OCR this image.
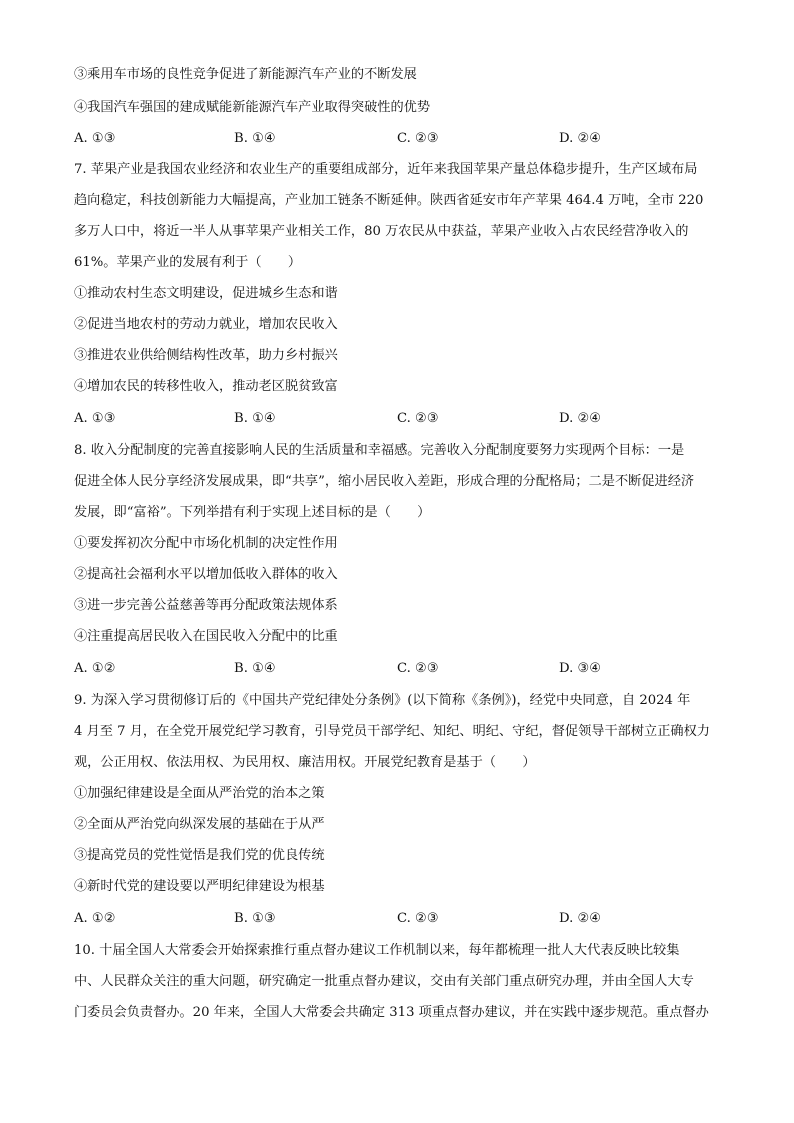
③乘用车市场的良性竞争促进了新能源汽车产业的不断发展
④我国汽车强国的建成赋能新能源汽车产业取得突破性的优势
A. ①③	B. ①④	C. ②③	D. ②④
7. 苹果产业是我国农业经济和农业生产的重要组成部分，近年来我国苹果产量总体稳步提升，生产区域布局
趋向稳定，科技创新能力大幅提高，产业加工链条不断延伸。陕西省延安市年产苹果 464.4 万吨，全市 220
多万人口中，将近一半人从事苹果产业相关工作，80 万农民从中获益，苹果产业收入占农民经营净收入的
61%。苹果产业的发展有利于（　　）
①推动农村生态文明建设，促进城乡生态和谐
②促进当地农村的劳动力就业，增加农民收入
③推进农业供给侧结构性改革，助力乡村振兴
④增加农民的转移性收入，推动老区脱贫致富
A. ①③	B. ①④	C. ②③	D. ②④
8. 收入分配制度的完善直接影响人民的生活质量和幸福感。完善收入分配制度要努力实现两个目标：一是
促进全体人民分享经济发展成果，即“共享”，缩小居民收入差距，形成合理的分配格局；二是不断促进经济
发展，即“富裕”。下列举措有利于实现上述目标的是（　　）
①要发挥初次分配中市场化机制的决定性作用
②提高社会福利水平以增加低收入群体的收入
③进一步完善公益慈善等再分配政策法规体系
④注重提高居民收入在国民收入分配中的比重
A. ①②	B. ①④	C. ②③	D. ③④
9. 为深入学习贯彻修订后的《中国共产党纪律处分条例》(以下简称《条例》)，经党中央同意，自 2024 年
4 月至 7 月，在全党开展党纪学习教育，引导党员干部学纪、知纪、明纪、守纪，督促领导干部树立正确权力
观，公正用权、依法用权、为民用权、廉洁用权。开展党纪教育是基于（　　）
①加强纪律建设是全面从严治党的治本之策
②全面从严治党向纵深发展的基础在于从严
③提高党员的党性觉悟是我们党的优良传统
④新时代党的建设要以严明纪律建设为根基
A. ①②	B. ①③	C. ②③	D. ②④
10. 十届全国人大常委会开始探索推行重点督办建议工作机制以来，每年都梳理一批人大代表反映比较集
中、人民群众关注的重大问题，研究确定一批重点督办建议，交由有关部门重点研究办理，并由全国人大专
门委员会负责督办。20 年来，全国人大常委会共确定 313 项重点督办建议，并在实践中逐步规范。重点督办
